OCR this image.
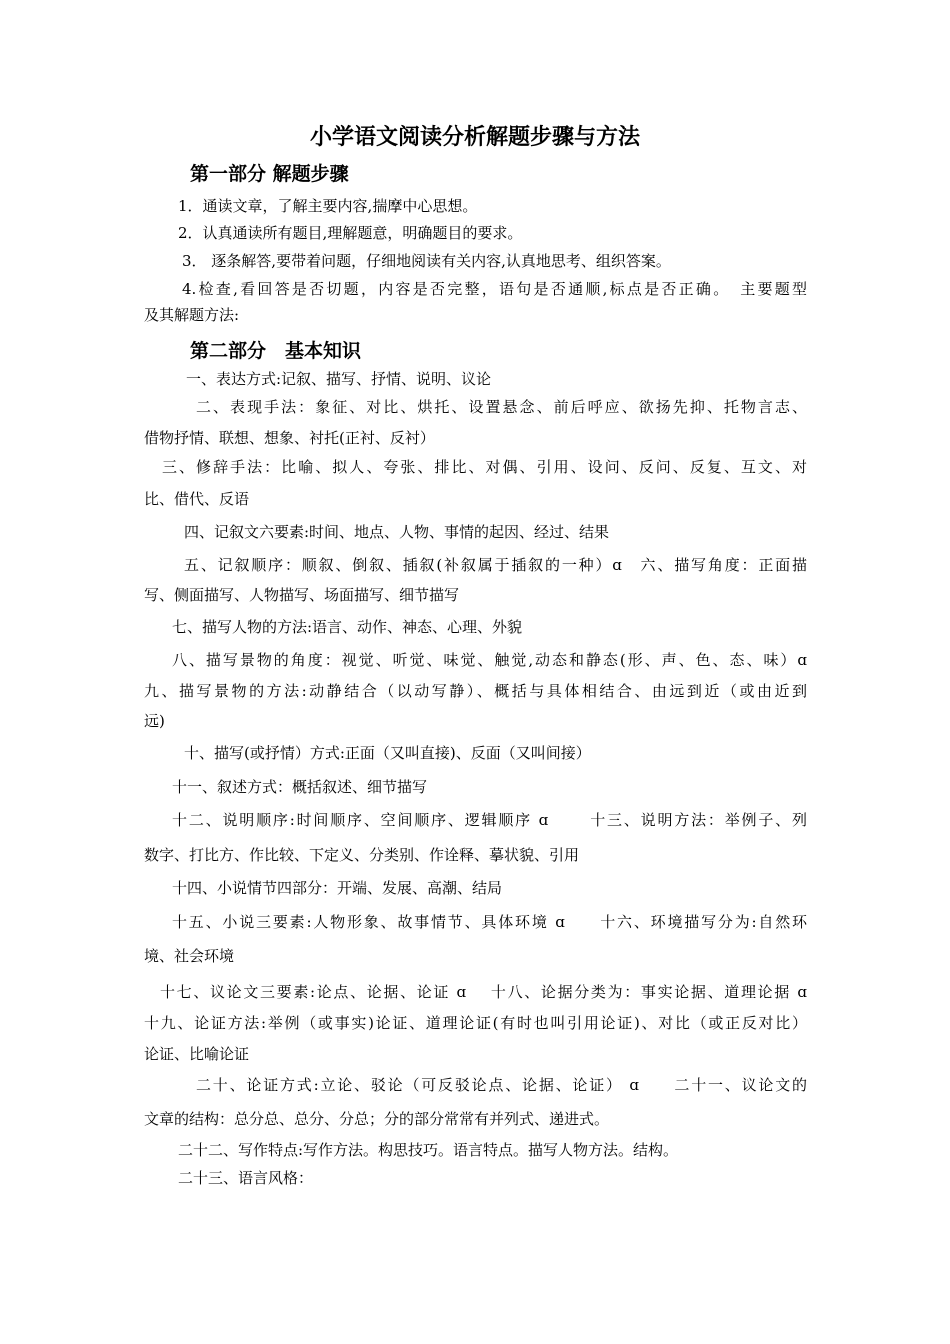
小学语文阅读分析解题步骤与方法
第一部分 解题步骤
1．通读文章，了解主要内容,揣摩中心思想。
2．认真通读所有题目,理解题意，明确题目的要求。
3． 逐条解答,要带着问题，仔细地阅读有关内容,认真地思考、组织答案。
4.检查,看回答是否切题，内容是否完整，语句是否通顺,标点是否正确。　主要题型
及其解题方法:
第二部分　基本知识
一、表达方式:记叙、描写、抒情、说明、议论
二、表现手法：象征、对比、烘托、设置悬念、前后呼应、欲扬先抑、托物言志、
借物抒情、联想、想象、衬托(正衬、反衬）
三、修辞手法：比喻、拟人、夸张、排比、对偶、引用、设问、反问、反复、互文、对
比、借代、反语
四、记叙文六要素:时间、地点、人物、事情的起因、经过、结果
五、记叙顺序：顺叙、倒叙、插叙(补叙属于插叙的一种）ɑ　六、描写角度：正面描
写、侧面描写、人物描写、场面描写、细节描写
七、描写人物的方法:语言、动作、神态、心理、外貌
八、描写景物的角度：视觉、听觉、味觉、触觉,动态和静态(形、声、色、态、味）ɑ
九、描写景物的方法:动静结合（以动写静）、概括与具体相结合、由远到近（或由近到
远)
十、描写(或抒情）方式:正面（又叫直接)、反面（又叫间接）
十一、叙述方式：概括叙述、细节描写
十二、说明顺序:时间顺序、空间顺序、逻辑顺序 ɑ　　 十三、说明方法：举例子、列
数字、打比方、作比较、下定义、分类别、作诠释、摹状貌、引用
十四、小说情节四部分：开端、发展、高潮、结局
十五、小说三要素:人物形象、故事情节、具体环境 ɑ　　十六、环境描写分为:自然环
境、社会环境
十七、议论文三要素:论点、论据、论证 ɑ　 十八、论据分类为：事实论据、道理论据 ɑ
十九、论证方法:举例（或事实)论证、道理论证(有时也叫引用论证)、对比（或正反对比）
论证、比喻论证
二十、论证方式:立论、驳论（可反驳论点、论据、论证） ɑ　　二十一、议论文的
文章的结构：总分总、总分、分总；分的部分常常有并列式、递进式。
二十二、写作特点:写作方法。构思技巧。语言特点。描写人物方法。结构。
二十三、语言风格：
